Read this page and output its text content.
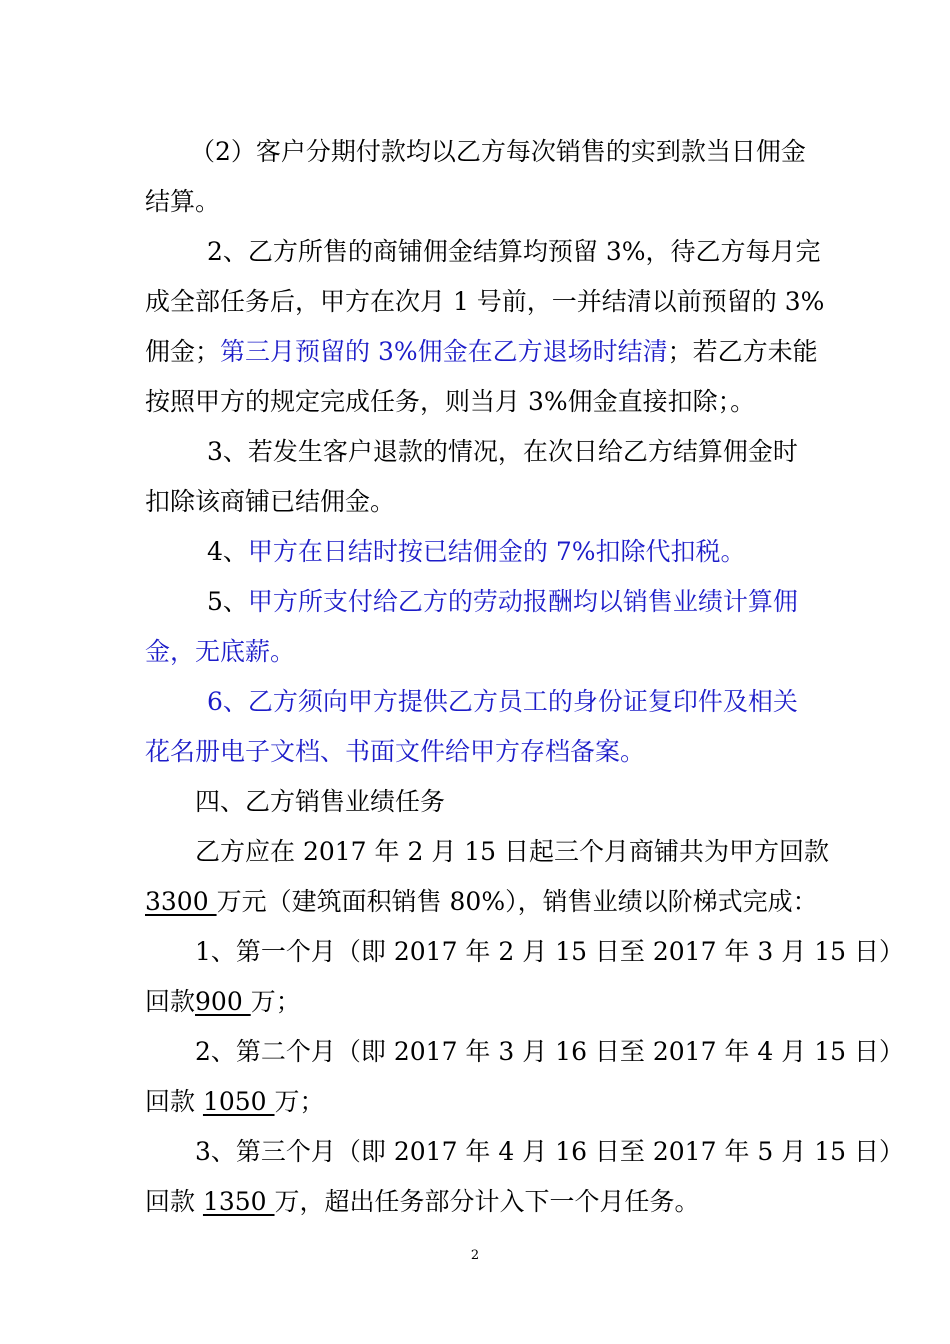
（2）客户分期付款均以乙方每次销售的实到款当日佣金
结算。
2、乙方所售的商铺佣金结算均预留 3%，待乙方每月完
成全部任务后，甲方在次月 1 号前，一并结清以前预留的 3%
佣金；第三月预留的 3%佣金在乙方退场时结清；若乙方未能
按照甲方的规定完成任务，则当月 3%佣金直接扣除；。
3、若发生客户退款的情况，在次日给乙方结算佣金时
扣除该商铺已结佣金。
4、甲方在日结时按已结佣金的 7%扣除代扣税。
5、甲方所支付给乙方的劳动报酬均以销售业绩计算佣
金，无底薪。
6、乙方须向甲方提供乙方员工的身份证复印件及相关
花名册电子文档、书面文件给甲方存档备案。
四、乙方销售业绩任务
乙方应在 2017 年 2 月 15 日起三个月商铺共为甲方回款
3300 万元（建筑面积销售 80%），销售业绩以阶梯式完成：
1、第一个月（即 2017 年 2 月 15 日至 2017 年 3 月 15 日）
回款900 万；
2、第二个月（即 2017 年 3 月 16 日至 2017 年 4 月 15 日）
回款 1050 万；
3、第三个月（即 2017 年 4 月 16 日至 2017 年 5 月 15 日）
回款 1350 万，超出任务部分计入下一个月任务。
2
